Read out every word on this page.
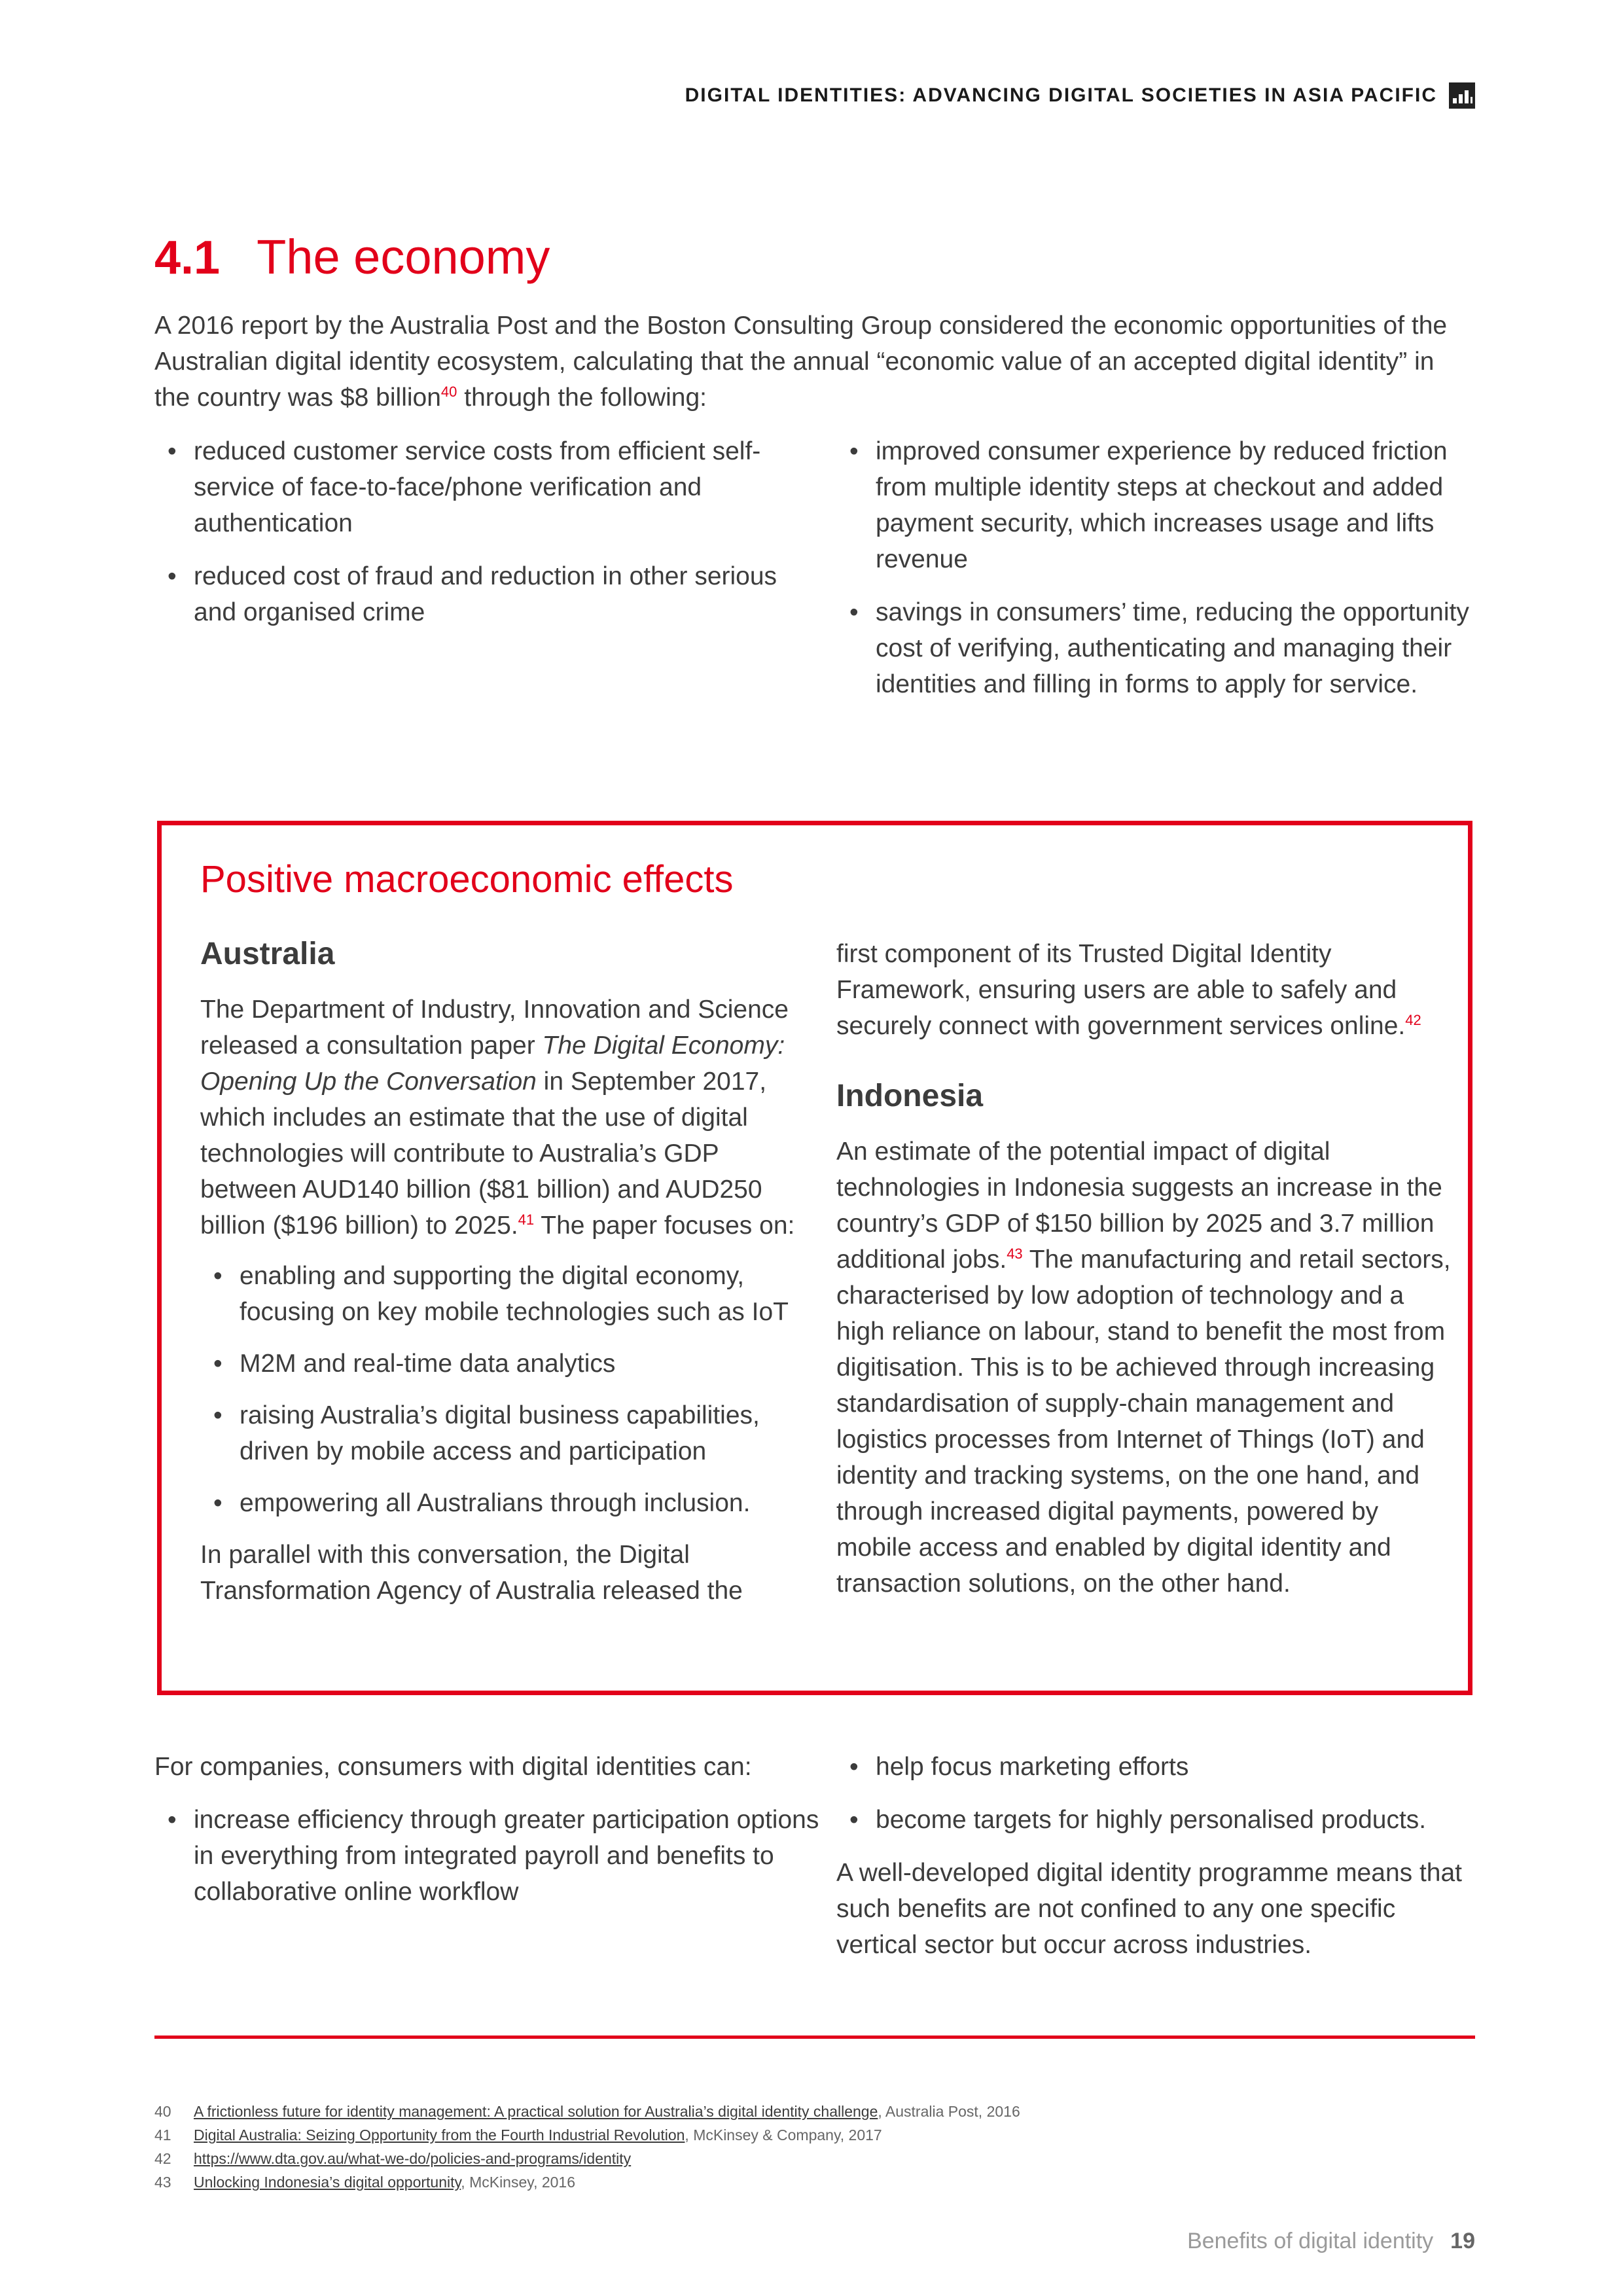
DIGITAL IDENTITIES: ADVANCING DIGITAL SOCIETIES IN ASIA PACIFIC
4.1 The economy
A 2016 report by the Australia Post and the Boston Consulting Group considered the economic opportunities of the Australian digital identity ecosystem, calculating that the annual “economic value of an accepted digital identity” in the country was $8 billion$^{40}$ through the following:
• reduced customer service costs from efficient self-service of face-to-face/phone verification and authentication
• reduced cost of fraud and reduction in other serious and organised crime
• improved consumer experience by reduced friction from multiple identity steps at checkout and added payment security, which increases usage and lifts revenue
• savings in consumers’ time, reducing the opportunity cost of verifying, authenticating and managing their identities and filling in forms to apply for service.
Positive macroeconomic effects
Australia

The Department of Industry, Innovation and Science released a consultation paper The Digital Economy: Opening Up the Conversation in September 2017, which includes an estimate that the use of digital technologies will contribute to Australia’s GDP between AUD140 billion ($81 billion) and AUD250 billion ($196 billion) to 2025.41 The paper focuses on:

• enabling and supporting the digital economy, focusing on key mobile technologies such as IoT
• M2M and real-time data analytics
• raising Australia’s digital business capabilities, driven by mobile access and participation
• empowering all Australians through inclusion.

In parallel with this conversation, the Digital Transformation Agency of Australia released the

first component of its Trusted Digital Identity Framework, ensuring users are able to safely and securely connect with government services online.$^{42}$

Indonesia

An estimate of the potential impact of digital technologies in Indonesia suggests an increase in the country’s GDP of $150 billion by 2025 and 3.7 million additional jobs.$^{43}$ The manufacturing and retail sectors, characterised by low adoption of technology and a high reliance on labour, stand to benefit the most from digitisation. This is to be achieved through increasing standardisation of supply-chain management and logistics processes from Internet of Things (IoT) and identity and tracking systems, on the one hand, and through increased digital payments, powered by mobile access and enabled by digital identity and transaction solutions, on the other hand.

For companies, consumers with digital identities can:

• increase efficiency through greater participation options in everything from integrated payroll and benefits to collaborative online workflow
• help focus marketing efforts
• become targets for highly personalised products.

A well-developed digital identity programme means that such benefits are not confined to any one specific vertical sector but occur across industries.

40	A frictionless future for identity management: A practical solution for Australia’s digital identity challenge, Australia Post, 2016
41	Digital Australia: Seizing Opportunity from the Fourth Industrial Revolution, McKinsey & Company, 2017
42	https://www.dta.gov.au/what-we-do/policies-and-programs/identity
43	Unlocking Indonesia’s digital opportunity, McKinsey, 2016
Benefits of digital identity 19
